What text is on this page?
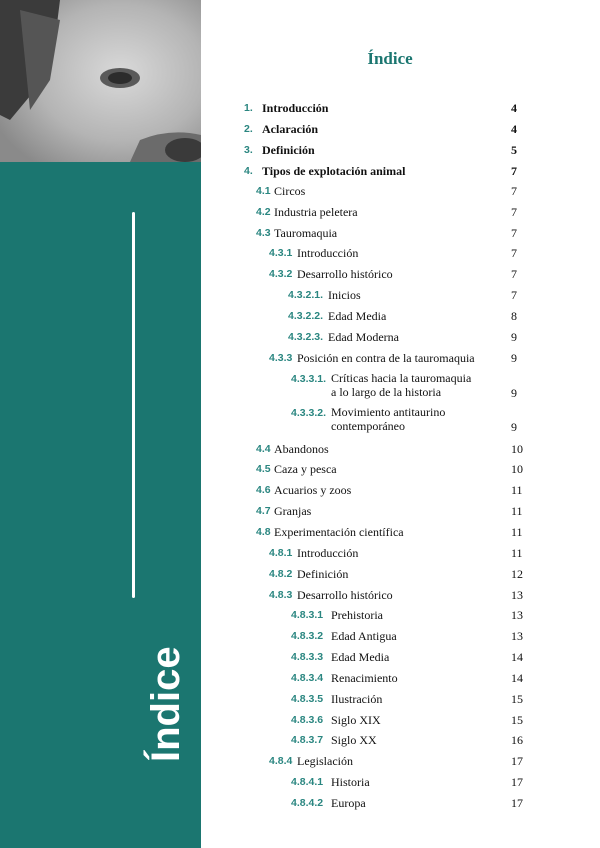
Índice
Índice
1. Introducción	4
2. Aclaración	4
3. Definición	5
4. Tipos de explotación animal	7
4.1 Circos	7
4.2 Industria peletera	7
4.3 Tauromaquia	7
4.3.1 Introducción	7
4.3.2 Desarrollo histórico	7
4.3.2.1. Inicios	7
4.3.2.2. Edad Media	8
4.3.2.3. Edad Moderna	9
4.3.3 Posición en contra de la tauromaquia	9
4.3.3.1. Críticas hacia la tauromaquia
a lo largo de la historia	9
4.3.3.2. Movimiento antitaurino
contemporáneo	9
4.4 Abandonos	10
4.5 Caza y pesca	10
4.6 Acuarios y zoos	11
4.7 Granjas	11
4.8 Experimentación científica	11
4.8.1 Introducción	11
4.8.2 Definición	12
4.8.3 Desarrollo histórico	13
4.8.3.1 Prehistoria	13
4.8.3.2 Edad Antigua	13
4.8.3.3 Edad Media	14
4.8.3.4 Renacimiento	14
4.8.3.5 Ilustración	15
4.8.3.6 Siglo XIX	15
4.8.3.7 Siglo XX	16
4.8.4 Legislación	17
4.8.4.1 Historia	17
4.8.4.2 Europa	17
